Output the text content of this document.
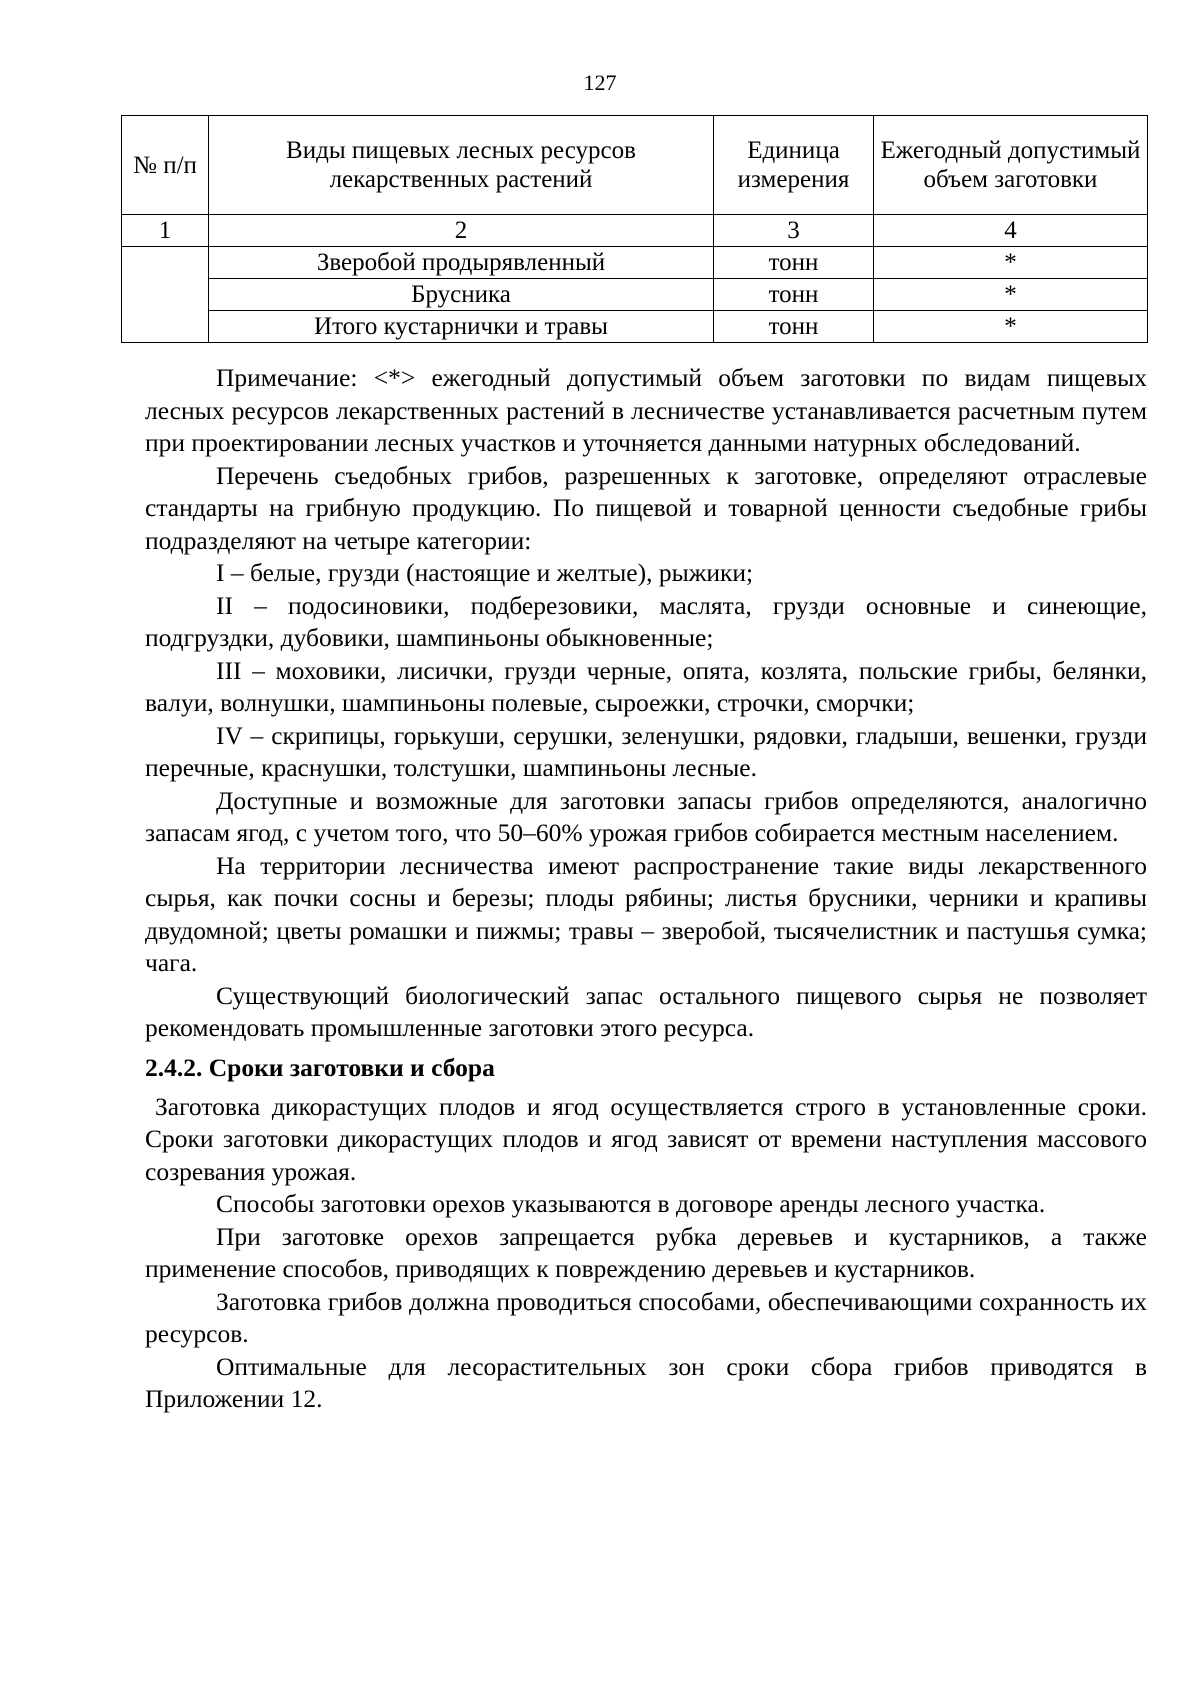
127
№ п/п	Виды пищевых лесных ресурсов лекарственных растений	Единица измерения	Ежегодный допустимый объем заготовки
1	2	3	4
	Зверобой продырявленный	тонн	*
	Брусника	тонн	*
	Итого кустарнички и травы	тонн	*

Примечание: <*> ежегодный допустимый объем заготовки по видам пищевых лесных ресурсов лекарственных растений в лесничестве устанавливается расчетным путем при проектировании лесных участков и уточняется данными натурных обследований.

Перечень съедобных грибов, разрешенных к заготовке, определяют отраслевые стандарты на грибную продукцию. По пищевой и товарной ценности съедобные грибы подразделяют на четыре категории:

I – белые, грузди (настоящие и желтые), рыжики;

II – подосиновики, подберезовики, маслята, грузди основные и синеющие, подгруздки, дубовики, шампиньоны обыкновенные;

III – моховики, лисички, грузди черные, опята, козлята, польские грибы, белянки, валуи, волнушки, шампиньоны полевые, сыроежки, строчки, сморчки;

IV – скрипицы, горькуши, серушки, зеленушки, рядовки, гладыши, вешенки, грузди перечные, краснушки, толстушки, шампиньоны лесные.

Доступные и возможные для заготовки запасы грибов определяются, аналогично запасам ягод, с учетом того, что 50–60% урожая грибов собирается местным населением.

На территории лесничества имеют распространение такие виды лекарственного сырья, как почки сосны и березы; плоды рябины; листья брусники, черники и крапивы двудомной; цветы ромашки и пижмы; травы – зверобой, тысячелистник и пастушья сумка; чага.

Существующий биологический запас остального пищевого сырья не позволяет рекомендовать промышленные заготовки этого ресурса.

2.4.2. Сроки заготовки и сбора

Заготовка дикорастущих плодов и ягод осуществляется строго в установленные сроки. Сроки заготовки дикорастущих плодов и ягод зависят от времени наступления массового созревания урожая.

Способы заготовки орехов указываются в договоре аренды лесного участка.

При заготовке орехов запрещается рубка деревьев и кустарников, а также применение способов, приводящих к повреждению деревьев и кустарников.

Заготовка грибов должна проводиться способами, обеспечивающими сохранность их ресурсов.

Оптимальные для лесорастительных зон сроки сбора грибов приводятся в Приложении 12.
